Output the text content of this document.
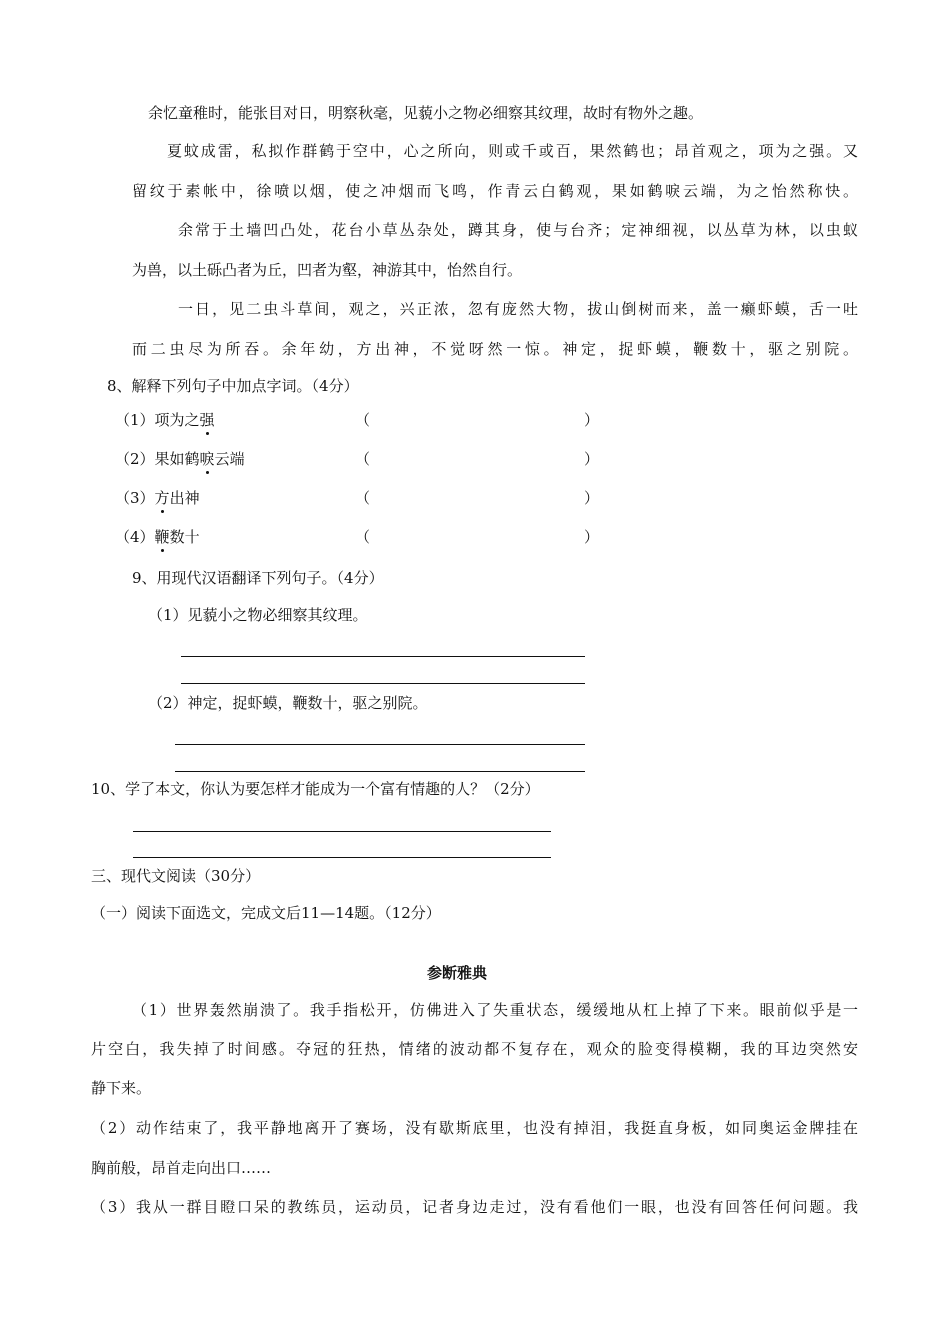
余忆童稚时，能张目对日，明察秋毫，见藐小之物必细察其纹理，故时有物外之趣。
夏蚊成雷，私拟作群鹤于空中，心之所向，则或千或百，果然鹤也；昂首观之，项为之强。又
留纹于素帐中，徐喷以烟，使之冲烟而飞鸣，作青云白鹤观，果如鹤唳云端，为之怡然称快。
余常于土墙凹凸处，花台小草丛杂处，蹲其身，使与台齐；定神细视，以丛草为林，以虫蚁
为兽，以土砾凸者为丘，凹者为壑，神游其中，怡然自行。
一日，见二虫斗草间，观之，兴正浓，忽有庞然大物，拔山倒树而来，盖一癞虾蟆，舌一吐
而二虫尽为所吞。余年幼，方出神，不觉呀然一惊。神定，捉虾蟆，鞭数十，驱之别院。
8、解释下列句子中加点字词。（4分）
（1）项为之强	（	）
（2）果如鹤唳云端	（	）
（3）方出神	（	）
（4）鞭数十	（	）
9、用现代汉语翻译下列句子。（4分）
（1）见藐小之物必细察其纹理。
（2）神定，捉虾蟆，鞭数十，驱之别院。
10、学了本文，你认为要怎样才能成为一个富有情趣的人？（2分）
三、现代文阅读（30分）
（一）阅读下面选文，完成文后11—14题。（12分）
参断雅典
（1）世界轰然崩溃了。我手指松开，仿佛进入了失重状态，缓缓地从杠上掉了下来。眼前似乎是一
片空白，我失掉了时间感。夺冠的狂热，情绪的波动都不复存在，观众的脸变得模糊，我的耳边突然安
静下来。
（2）动作结束了，我平静地离开了赛场，没有歇斯底里，也没有掉泪，我挺直身板，如同奥运金牌挂在
胸前般，昂首走向出口……
（3）我从一群目瞪口呆的教练员，运动员，记者身边走过，没有看他们一眼，也没有回答任何问题。我
